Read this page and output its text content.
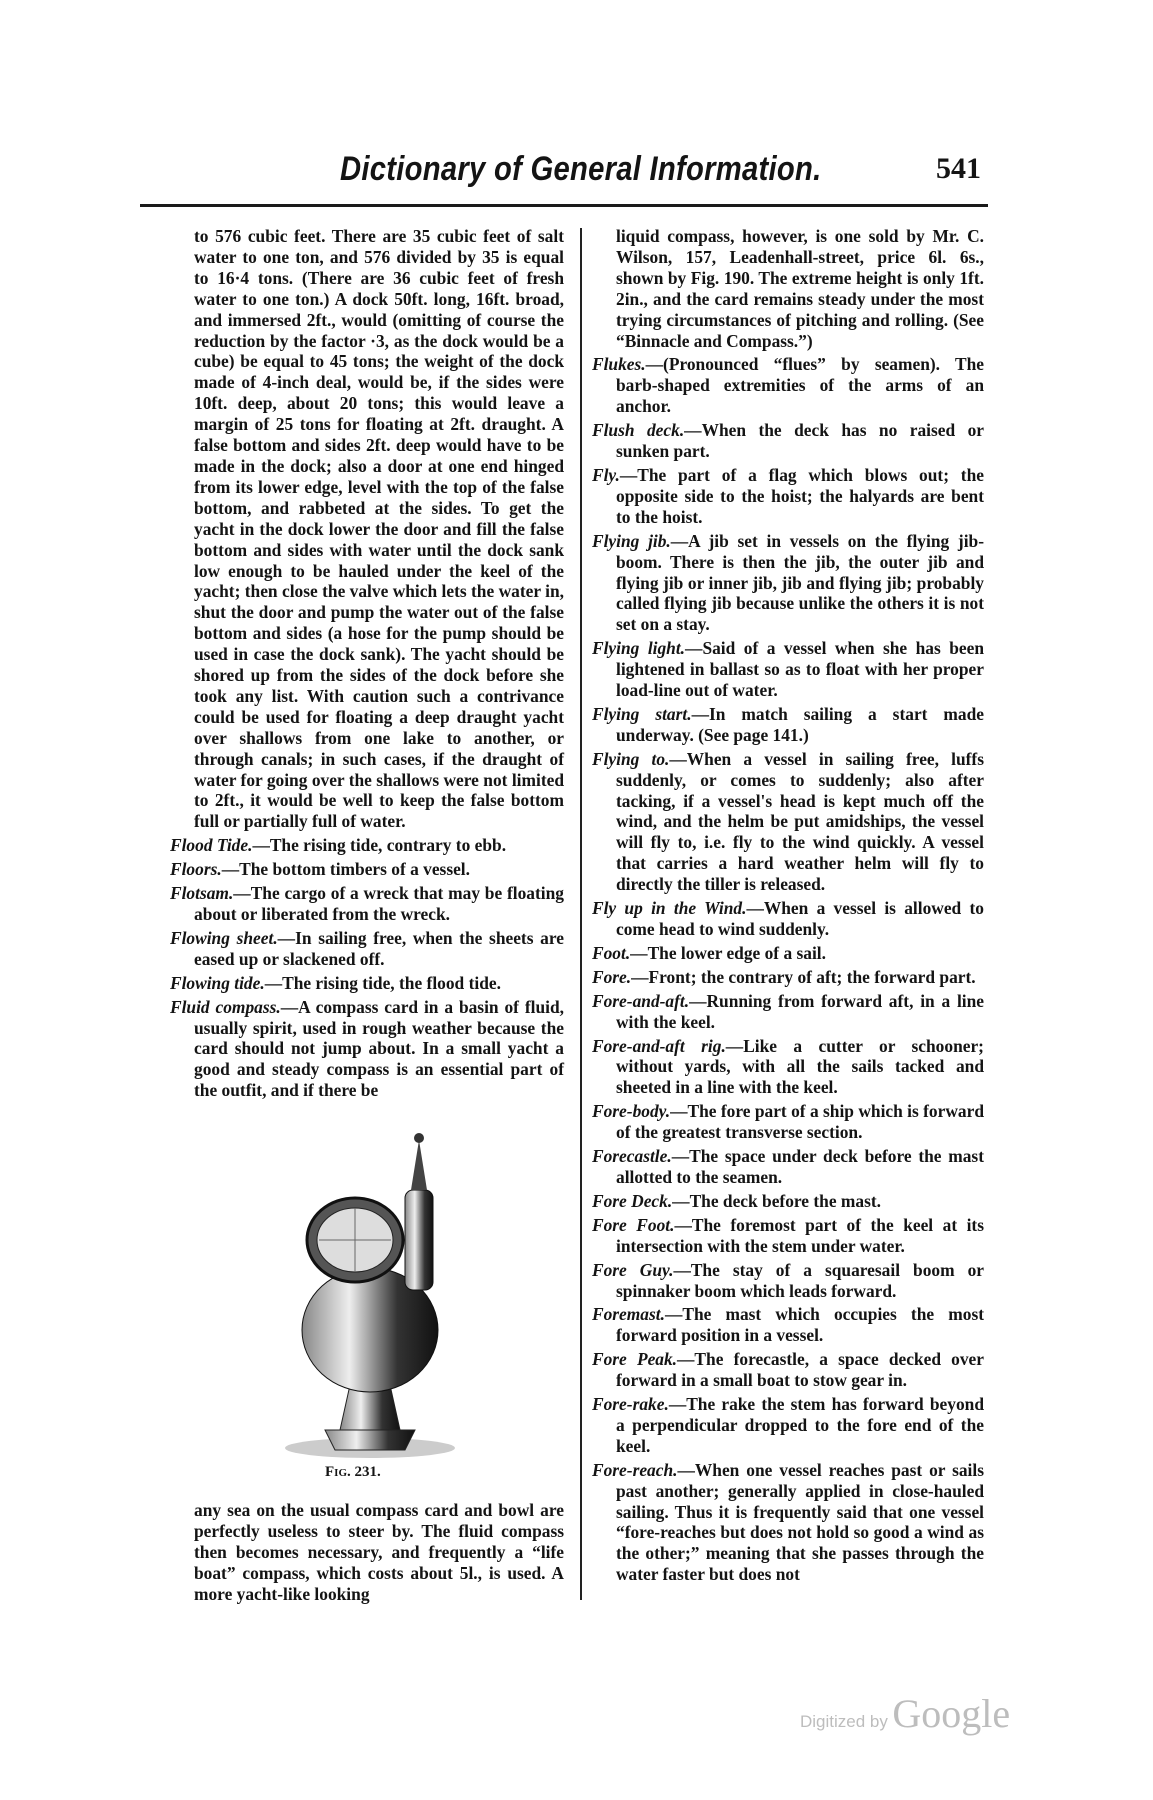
Dictionary of General Information.	541
to 576 cubic feet. There are 35 cubic feet of salt water to one ton, and 576 divided by 35 is equal to 16·4 tons. (There are 36 cubic feet of fresh water to one ton.) A dock 50ft. long, 16ft. broad, and immersed 2ft., would (omitting of course the reduction by the factor ·3, as the dock would be a cube) be equal to 45 tons; the weight of the dock made of 4-inch deal, would be, if the sides were 10ft. deep, about 20 tons; this would leave a margin of 25 tons for floating at 2ft. draught. A false bottom and sides 2ft. deep would have to be made in the dock; also a door at one end hinged from its lower edge, level with the top of the false bottom, and rabbeted at the sides. To get the yacht in the dock lower the door and fill the false bottom and sides with water until the dock sank low enough to be hauled under the keel of the yacht; then close the valve which lets the water in, shut the door and pump the water out of the false bottom and sides (a hose for the pump should be used in case the dock sank). The yacht should be shored up from the sides of the dock before she took any list. With caution such a contrivance could be used for floating a deep draught yacht over shallows from one lake to another, or through canals; in such cases, if the draught of water for going over the shallows were not limited to 2ft., it would be well to keep the false bottom full or partially full of water.
Flood Tide.—The rising tide, contrary to ebb.
Floors.—The bottom timbers of a vessel.
Flotsam.—The cargo of a wreck that may be floating about or liberated from the wreck.
Flowing sheet.—In sailing free, when the sheets are eased up or slackened off.
Flowing tide.—The rising tide, the flood tide.
Fluid compass.—A compass card in a basin of fluid, usually spirit, used in rough weather because the card should not jump about. In a small yacht a good and steady compass is an essential part of the outfit, and if there be
Fig. 231.
any sea on the usual compass card and bowl are perfectly useless to steer by. The fluid compass then becomes necessary, and frequently a “life boat” compass, which costs about 5l., is used. A more yacht-like looking
liquid compass, however, is one sold by Mr. C. Wilson, 157, Leadenhall-street, price 6l. 6s., shown by Fig. 190. The extreme height is only 1ft. 2in., and the card remains steady under the most trying circumstances of pitching and rolling. (See “Binnacle and Compass.”)
Flukes.—(Pronounced “flues” by seamen). The barb-shaped extremities of the arms of an anchor.
Flush deck.—When the deck has no raised or sunken part.
Fly.—The part of a flag which blows out; the opposite side to the hoist; the halyards are bent to the hoist.
Flying jib.—A jib set in vessels on the flying jib-boom. There is then the jib, the outer jib and flying jib or inner jib, jib and flying jib; probably called flying jib because unlike the others it is not set on a stay.
Flying light.—Said of a vessel when she has been lightened in ballast so as to float with her proper load-line out of water.
Flying start.—In match sailing a start made underway. (See page 141.)
Flying to.—When a vessel in sailing free, luffs suddenly, or comes to suddenly; also after tacking, if a vessel's head is kept much off the wind, and the helm be put amidships, the vessel will fly to, i.e. fly to the wind quickly. A vessel that carries a hard weather helm will fly to directly the tiller is released.
Fly up in the Wind.—When a vessel is allowed to come head to wind suddenly.
Foot.—The lower edge of a sail.
Fore.—Front; the contrary of aft; the forward part.
Fore-and-aft.—Running from forward aft, in a line with the keel.
Fore-and-aft rig.—Like a cutter or schooner; without yards, with all the sails tacked and sheeted in a line with the keel.
Fore-body.—The fore part of a ship which is forward of the greatest transverse section.
Forecastle.—The space under deck before the mast allotted to the seamen.
Fore Deck.—The deck before the mast.
Fore Foot.—The foremost part of the keel at its intersection with the stem under water.
Fore Guy.—The stay of a squaresail boom or spinnaker boom which leads forward.
Foremast.—The mast which occupies the most forward position in a vessel.
Fore Peak.—The forecastle, a space decked over forward in a small boat to stow gear in.
Fore-rake.—The rake the stem has forward beyond a perpendicular dropped to the fore end of the keel.
Fore-reach.—When one vessel reaches past or sails past another; generally applied in close-hauled sailing. Thus it is frequently said that one vessel “fore-reaches but does not hold so good a wind as the other;” meaning that she passes through the water faster but does not
Digitized by Google
